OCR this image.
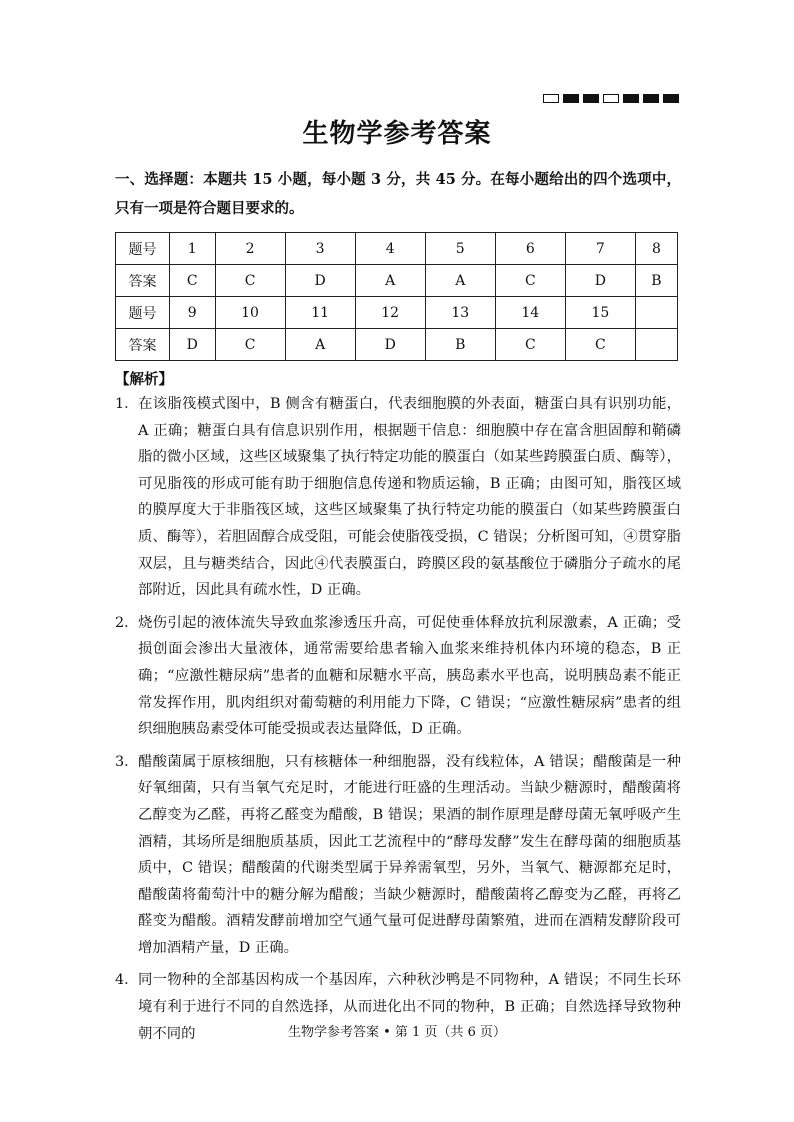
生物学参考答案
一、选择题：本题共 15 小题，每小题 3 分，共 45 分。在每小题给出的四个选项中，只有一项是符合题目要求的。
题号	1	2	3	4	5	6	7	8
答案	C	C	D	A	A	C	D	B
题号	9	10	11	12	13	14	15	
答案	D	C	A	D	B	C	C	
【解析】
1． 在该脂筏模式图中，B 侧含有糖蛋白，代表细胞膜的外表面，糖蛋白具有识别功能，A 正确；糖蛋白具有信息识别作用，根据题干信息：细胞膜中存在富含胆固醇和鞘磷脂的微小区域，这些区域聚集了执行特定功能的膜蛋白（如某些跨膜蛋白质、酶等），可见脂筏的形成可能有助于细胞信息传递和物质运输，B 正确；由图可知，脂筏区域的膜厚度大于非脂筏区域，这些区域聚集了执行特定功能的膜蛋白（如某些跨膜蛋白质、酶等），若胆固醇合成受阻，可能会使脂筏受损，C 错误；分析图可知，④贯穿脂双层，且与糖类结合，因此④代表膜蛋白，跨膜区段的氨基酸位于磷脂分子疏水的尾部附近，因此具有疏水性，D 正确。
2． 烧伤引起的液体流失导致血浆渗透压升高，可促使垂体释放抗利尿激素，A 正确；受损创面会渗出大量液体，通常需要给患者输入血浆来维持机体内环境的稳态，B 正确；“应激性糖尿病”患者的血糖和尿糖水平高，胰岛素水平也高，说明胰岛素不能正常发挥作用，肌肉组织对葡萄糖的利用能力下降，C 错误；“应激性糖尿病”患者的组织细胞胰岛素受体可能受损或表达量降低，D 正确。
3． 醋酸菌属于原核细胞，只有核糖体一种细胞器，没有线粒体，A 错误；醋酸菌是一种好氧细菌，只有当氧气充足时，才能进行旺盛的生理活动。当缺少糖源时，醋酸菌将乙醇变为乙醛，再将乙醛变为醋酸，B 错误；果酒的制作原理是酵母菌无氧呼吸产生酒精，其场所是细胞质基质，因此工艺流程中的“酵母发酵”发生在酵母菌的细胞质基质中，C 错误；醋酸菌的代谢类型属于异养需氧型，另外，当氧气、糖源都充足时，醋酸菌将葡萄汁中的糖分解为醋酸；当缺少糖源时，醋酸菌将乙醇变为乙醛，再将乙醛变为醋酸。酒精发酵前增加空气通气量可促进酵母菌繁殖，进而在酒精发酵阶段可增加酒精产量，D 正确。
4． 同一物种的全部基因构成一个基因库，六种秋沙鸭是不同物种，A 错误；不同生长环境有利于进行不同的自然选择，从而进化出不同的物种，B 正确；自然选择导致物种朝不同的	生物学参考答案 • 第 1 页（共 6 页）
